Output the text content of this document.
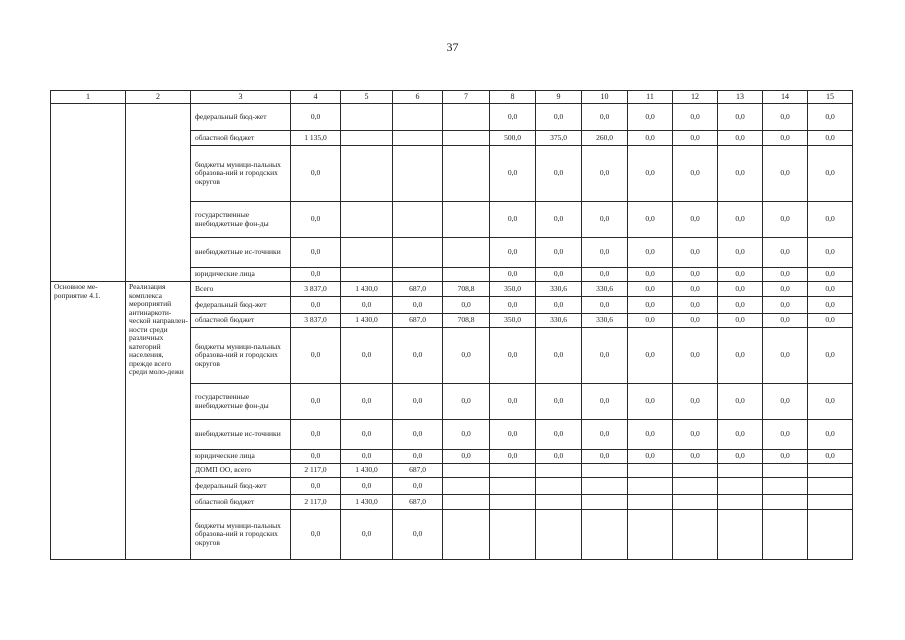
37
1	2	3	4	5	6	7	8	9	10	11	12	13	14	15
		федеральный бюд-жет	0,0				0,0	0,0	0,0	0,0	0,0	0,0	0,0	0,0
		областной бюджет	1 135,0				500,0	375,0	260,0	0,0	0,0	0,0	0,0	0,0
		бюджеты муници-пальных образова-ний и городских округов	0,0				0,0	0,0	0,0	0,0	0,0	0,0	0,0	0,0
		государственные внебюджетные фон-ды	0,0				0,0	0,0	0,0	0,0	0,0	0,0	0,0	0,0
		внебюджетные ис-точники	0,0				0,0	0,0	0,0	0,0	0,0	0,0	0,0	0,0
		юридические лица	0,0				0,0	0,0	0,0	0,0	0,0	0,0	0,0	0,0
Основное ме-роприятие 4.1.	Реализация комплекса мероприятий антинаркоти-ческой направлен-ности среди различных категорий населения, прежде всего среди моло-дежи	Всего	3 837,0	1 430,0	687,0	708,8	350,0	330,6	330,6	0,0	0,0	0,0	0,0	0,0
		федеральный бюд-жет	0,0	0,0	0,0	0,0	0,0	0,0	0,0	0,0	0,0	0,0	0,0	0,0
		областной бюджет	3 837,0	1 430,0	687,0	708,8	350,0	330,6	330,6	0,0	0,0	0,0	0,0	0,0
		бюджеты муници-пальных образова-ний и городских округов	0,0	0,0	0,0	0,0	0,0	0,0	0,0	0,0	0,0	0,0	0,0	0,0
		государственные внебюджетные фон-ды	0,0	0,0	0,0	0,0	0,0	0,0	0,0	0,0	0,0	0,0	0,0	0,0
		внебюджетные ис-точники	0,0	0,0	0,0	0,0	0,0	0,0	0,0	0,0	0,0	0,0	0,0	0,0
		юридические лица	0,0	0,0	0,0	0,0	0,0	0,0	0,0	0,0	0,0	0,0	0,0	0,0
		ДОМП ОО, всего	2 117,0	1 430,0	687,0									
		федеральный бюд-жет	0,0	0,0	0,0									
		областной бюджет	2 117,0	1 430,0	687,0									
		бюджеты муници-пальных образова-ний и городских округов	0,0	0,0	0,0									
